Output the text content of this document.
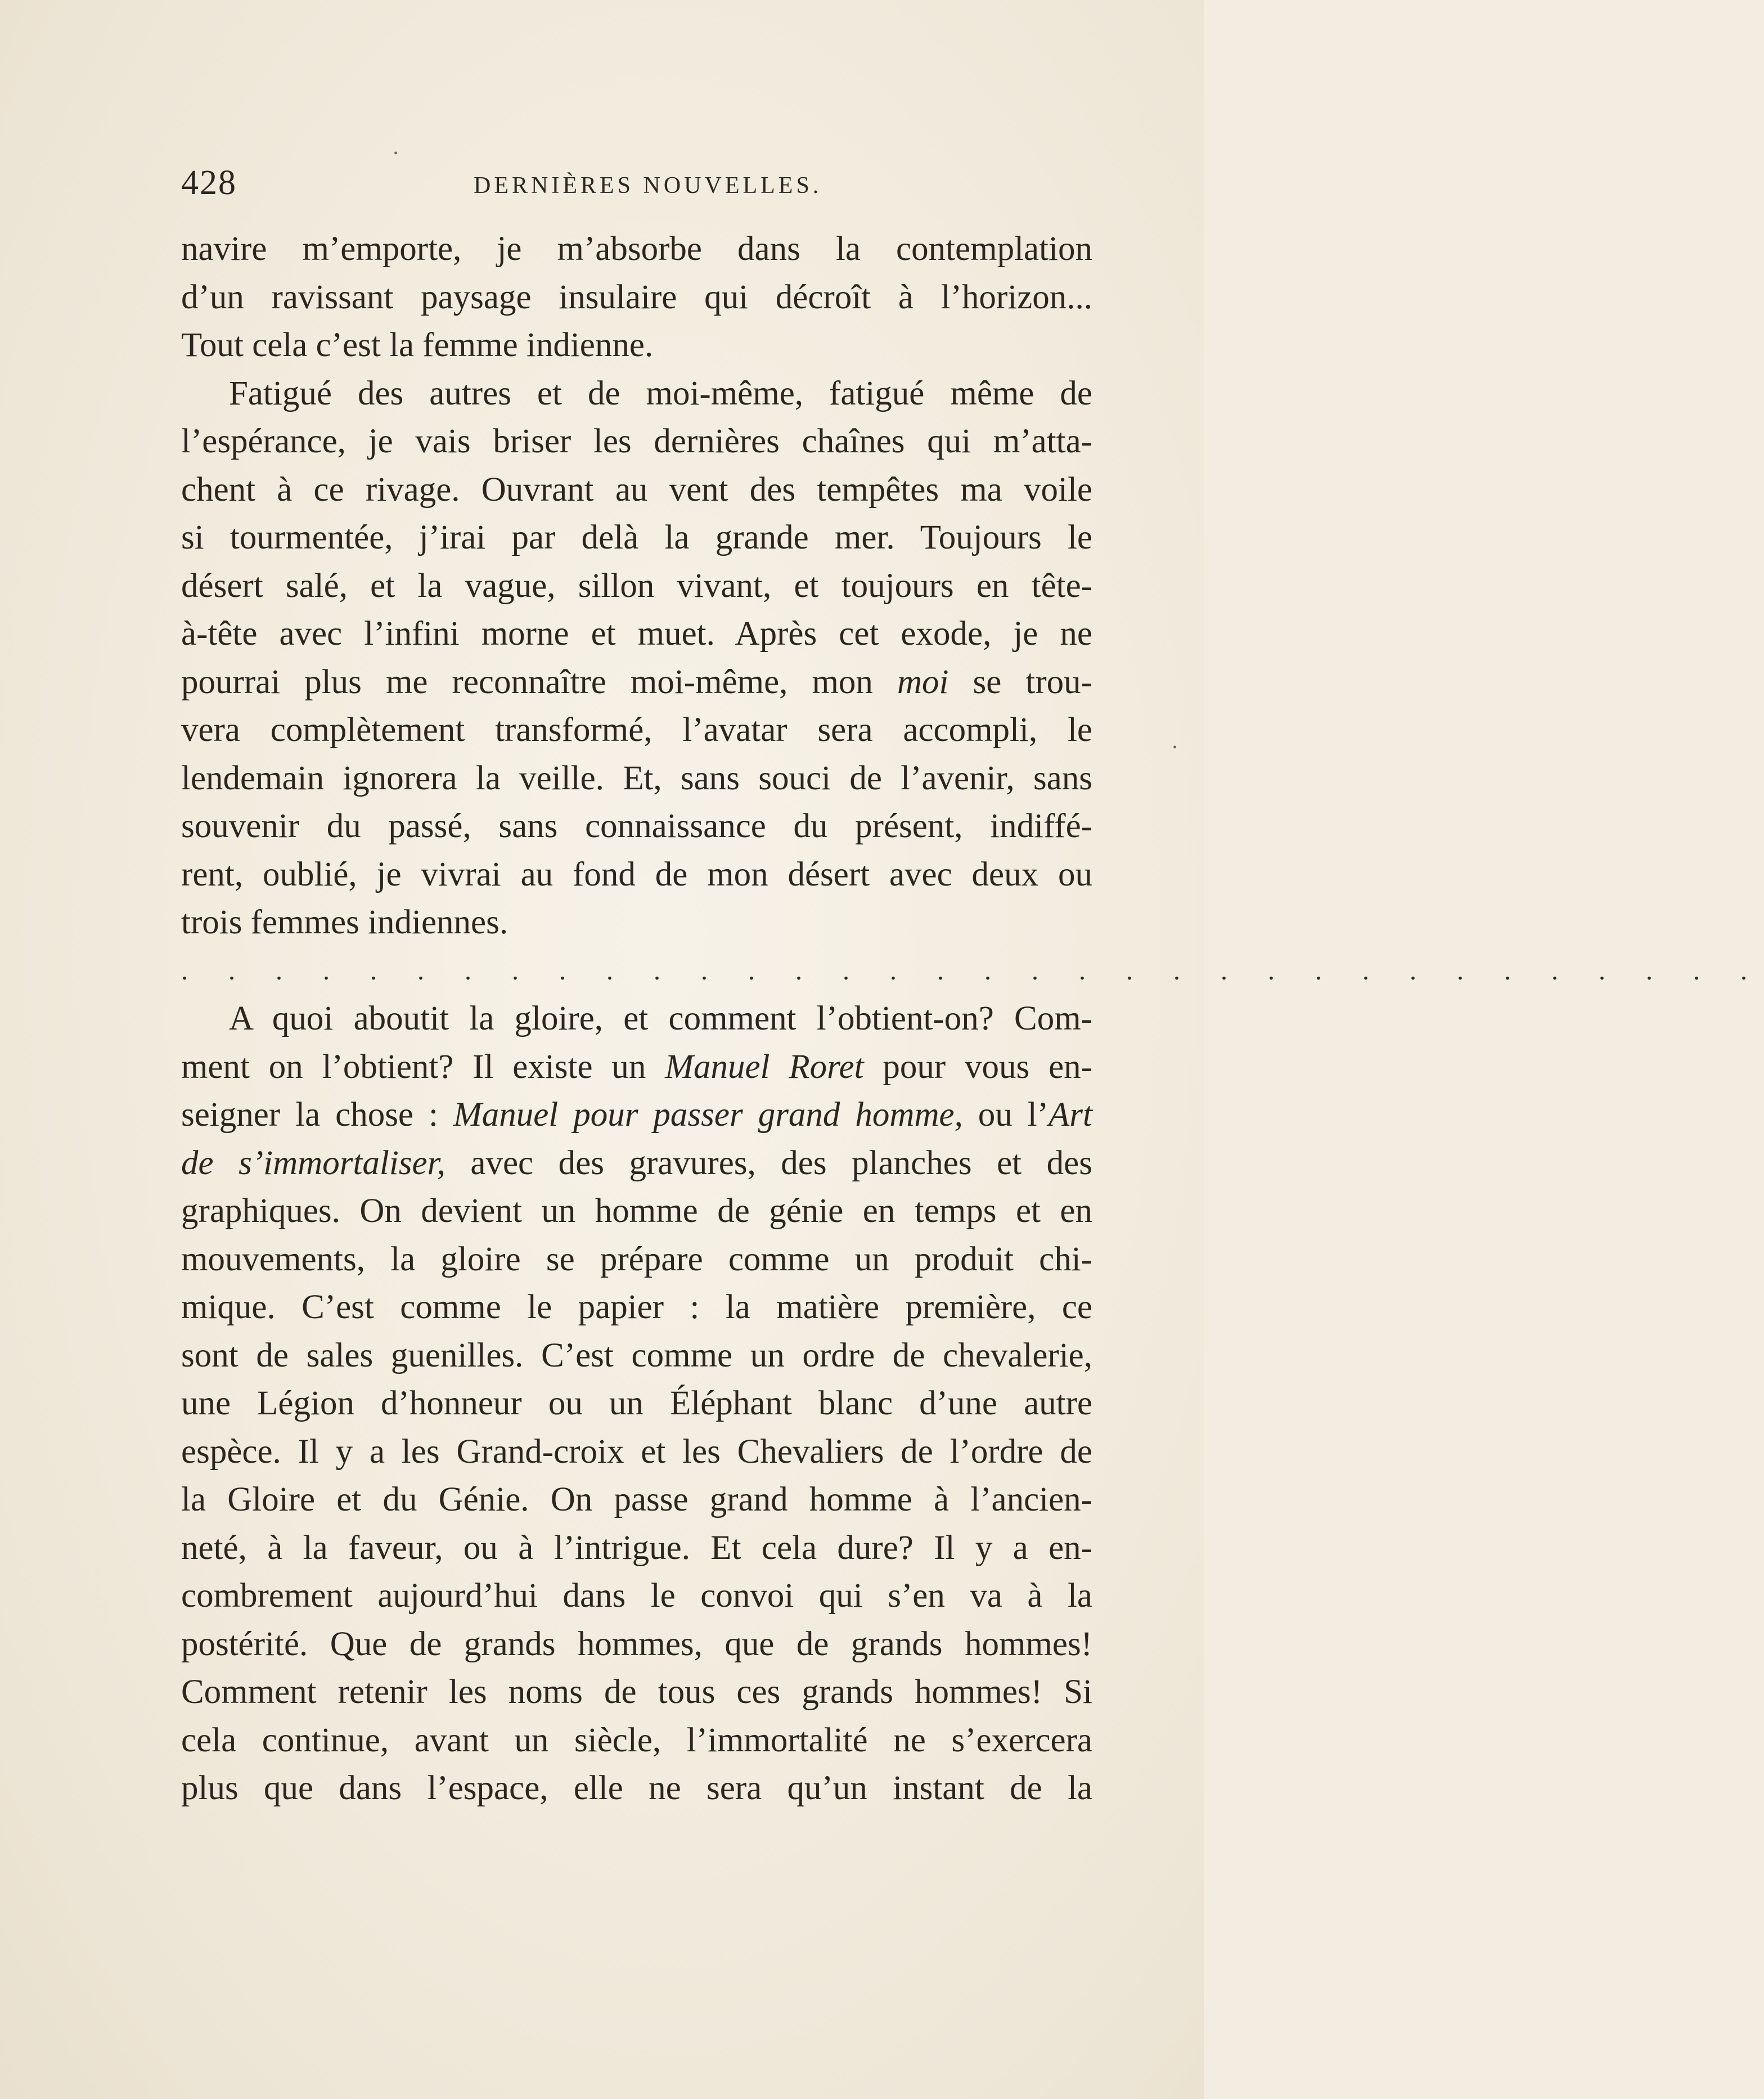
•
•
428	DERNIÈRES NOUVELLES.
navire m’emporte, je m’absorbe dans la contemplation
d’un ravissant paysage insulaire qui décroît à l’horizon...
Tout cela c’est la femme indienne.
Fatigué des autres et de moi-même, fatigué même de
l’espérance, je vais briser les dernières chaînes qui m’atta-
chent à ce rivage. Ouvrant au vent des tempêtes ma voile
si tourmentée, j’irai par delà la grande mer. Toujours le
désert salé, et la vague, sillon vivant, et toujours en tête-
à-tête avec l’infini morne et muet. Après cet exode, je ne
pourrai plus me reconnaître moi-même, mon moi se trou-
vera complètement transformé, l’avatar sera accompli, le
lendemain ignorera la veille. Et, sans souci de l’avenir, sans
souvenir du passé, sans connaissance du présent, indiffé-
rent, oublié, je vivrai au fond de mon désert avec deux ou
trois femmes indiennes.
. . . . . . . . . . . . . . . . . . . . . . . . . . . . . . . . . .
A quoi aboutit la gloire, et comment l’obtient-on? Com-
ment on l’obtient? Il existe un Manuel Roret pour vous en-
seigner la chose : Manuel pour passer grand homme, ou l’Art
de s’immortaliser, avec des gravures, des planches et des
graphiques. On devient un homme de génie en temps et en
mouvements, la gloire se prépare comme un produit chi-
mique. C’est comme le papier : la matière première, ce
sont de sales guenilles. C’est comme un ordre de chevalerie,
une Légion d’honneur ou un Éléphant blanc d’une autre
espèce. Il y a les Grand-croix et les Chevaliers de l’ordre de
la Gloire et du Génie. On passe grand homme à l’ancien-
neté, à la faveur, ou à l’intrigue. Et cela dure? Il y a en-
combrement aujourd’hui dans le convoi qui s’en va à la
postérité. Que de grands hommes, que de grands hommes!
Comment retenir les noms de tous ces grands hommes! Si
cela continue, avant un siècle, l’immortalité ne s’exercera
plus que dans l’espace, elle ne sera qu’un instant de la
